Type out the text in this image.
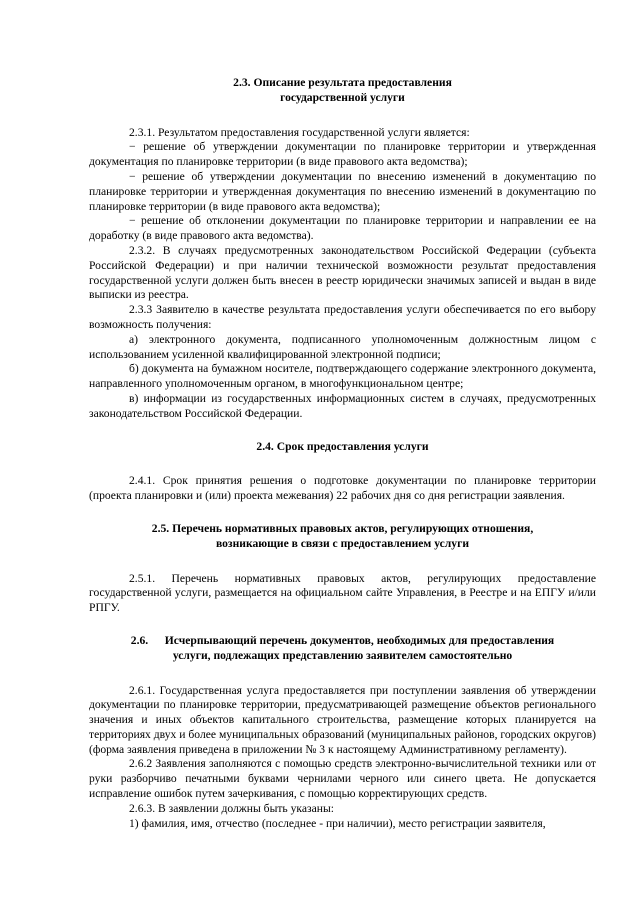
2.3. Описание результата предоставления
государственной услуги

2.3.1. Результатом предоставления государственной услуги является:

− решение об утверждении документации по планировке территории и утвержденная документация по планировке территории (в виде правового акта ведомства);

− решение об утверждении документации по внесению изменений в документацию по планировке территории и утвержденная документация по внесению изменений в документацию по планировке территории (в виде правового акта ведомства);

− решение об отклонении документации по планировке территории и направлении ее на доработку (в виде правового акта ведомства).

2.3.2. В случаях предусмотренных законодательством Российской Федерации (субъекта Российской Федерации) и при наличии технической возможности результат предоставления государственной услуги должен быть внесен в реестр юридически значимых записей и выдан в виде выписки из реестра.

2.3.3 Заявителю в качестве результата предоставления услуги обеспечивается по его выбору возможность получения:

а) электронного документа, подписанного уполномоченным должностным лицом с использованием усиленной квалифицированной электронной подписи;

б) документа на бумажном носителе, подтверждающего содержание электронного документа, направленного уполномоченным органом, в многофункциональном центре;

в) информации из государственных информационных систем в случаях, предусмотренных законодательством Российской Федерации.

2.4. Срок предоставления услуги

2.4.1. Срок принятия решения о подготовке документации по планировке территории (проекта планировки и (или) проекта межевания) 22 рабочих дня со дня регистрации заявления.

2.5. Перечень нормативных правовых актов, регулирующих отношения,
возникающие в связи с предоставлением услуги

2.5.1. Перечень нормативных правовых актов, регулирующих предоставление государственной услуги, размещается на официальном сайте Управления, в Реестре и на ЕПГУ и/или РПГУ.

2.6. Исчерпывающий перечень документов, необходимых для предоставления
услуги, подлежащих представлению заявителем самостоятельно

2.6.1. Государственная услуга предоставляется при поступлении заявления об утверждении документации по планировке территории, предусматривающей размещение объектов регионального значения и иных объектов капитального строительства, размещение которых планируется на территориях двух и более муниципальных образований (муниципальных районов, городских округов) (форма заявления приведена в приложении № 3 к настоящему Административному регламенту).

2.6.2 Заявления заполняются с помощью средств электронно-вычислительной техники или от руки разборчиво печатными буквами чернилами черного или синего цвета. Не допускается исправление ошибок путем зачеркивания, с помощью корректирующих средств.

2.6.3. В заявлении должны быть указаны:

1) фамилия, имя, отчество (последнее - при наличии), место регистрации заявителя,
